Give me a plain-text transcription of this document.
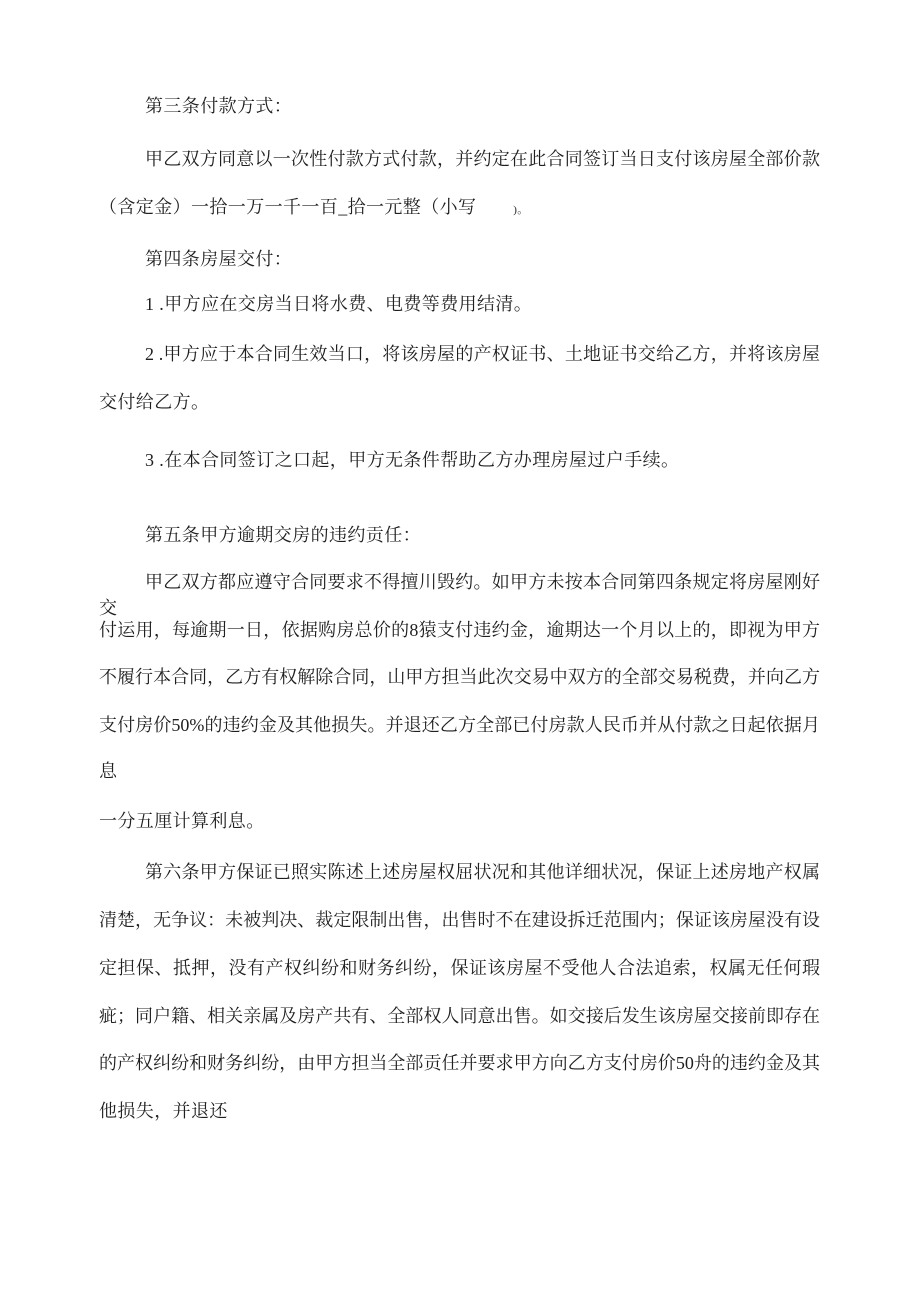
第三条付款方式：
甲乙双方同意以一次性付款方式付款，并约定在此合同签订当日支付该房屋全部价款
（含定金）一拾一万一千一百_拾一元整（小写　　)。
第四条房屋交付：
1 .甲方应在交房当日将水费、电费等费用结清。
2 .甲方应于本合同生效当口，将该房屋的产权证书、土地证书交给乙方，并将该房屋
交付给乙方。
3 .在本合同签订之口起，甲方无条件帮助乙方办理房屋过户手续。
第五条甲方逾期交房的违约贡任：
甲乙双方都应遵守合同要求不得擅川毁约。如甲方未按本合同第四条规定将房屋刚好交
付运用，每逾期一日，依据购房总价的8猿支付违约金，逾期达一个月以上的，即视为甲方
不履行本合同，乙方有权解除合同，山甲方担当此次交易中双方的全部交易税费，并向乙方
支付房价50%的违约金及其他损失。并退还乙方全部已付房款人民币并从付款之日起依据月
息
一分五厘计算利息。
第六条甲方保证已照实陈述上述房屋权屈状况和其他详细状况，保证上述房地产权属
清楚，无争议：未被判决、裁定限制出售，出售时不在建设拆迁范围内；保证该房屋没有设
定担保、抵押，没有产权纠纷和财务纠纷，保证该房屋不受他人合法追索，权属无任何瑕
疵；同户籍、相关亲属及房产共有、全部权人同意出售。如交接后发生该房屋交接前即存在
的产权纠纷和财务纠纷，由甲方担当全部贡任并要求甲方向乙方支付房价50舟的违约金及其
他损失，并退还
